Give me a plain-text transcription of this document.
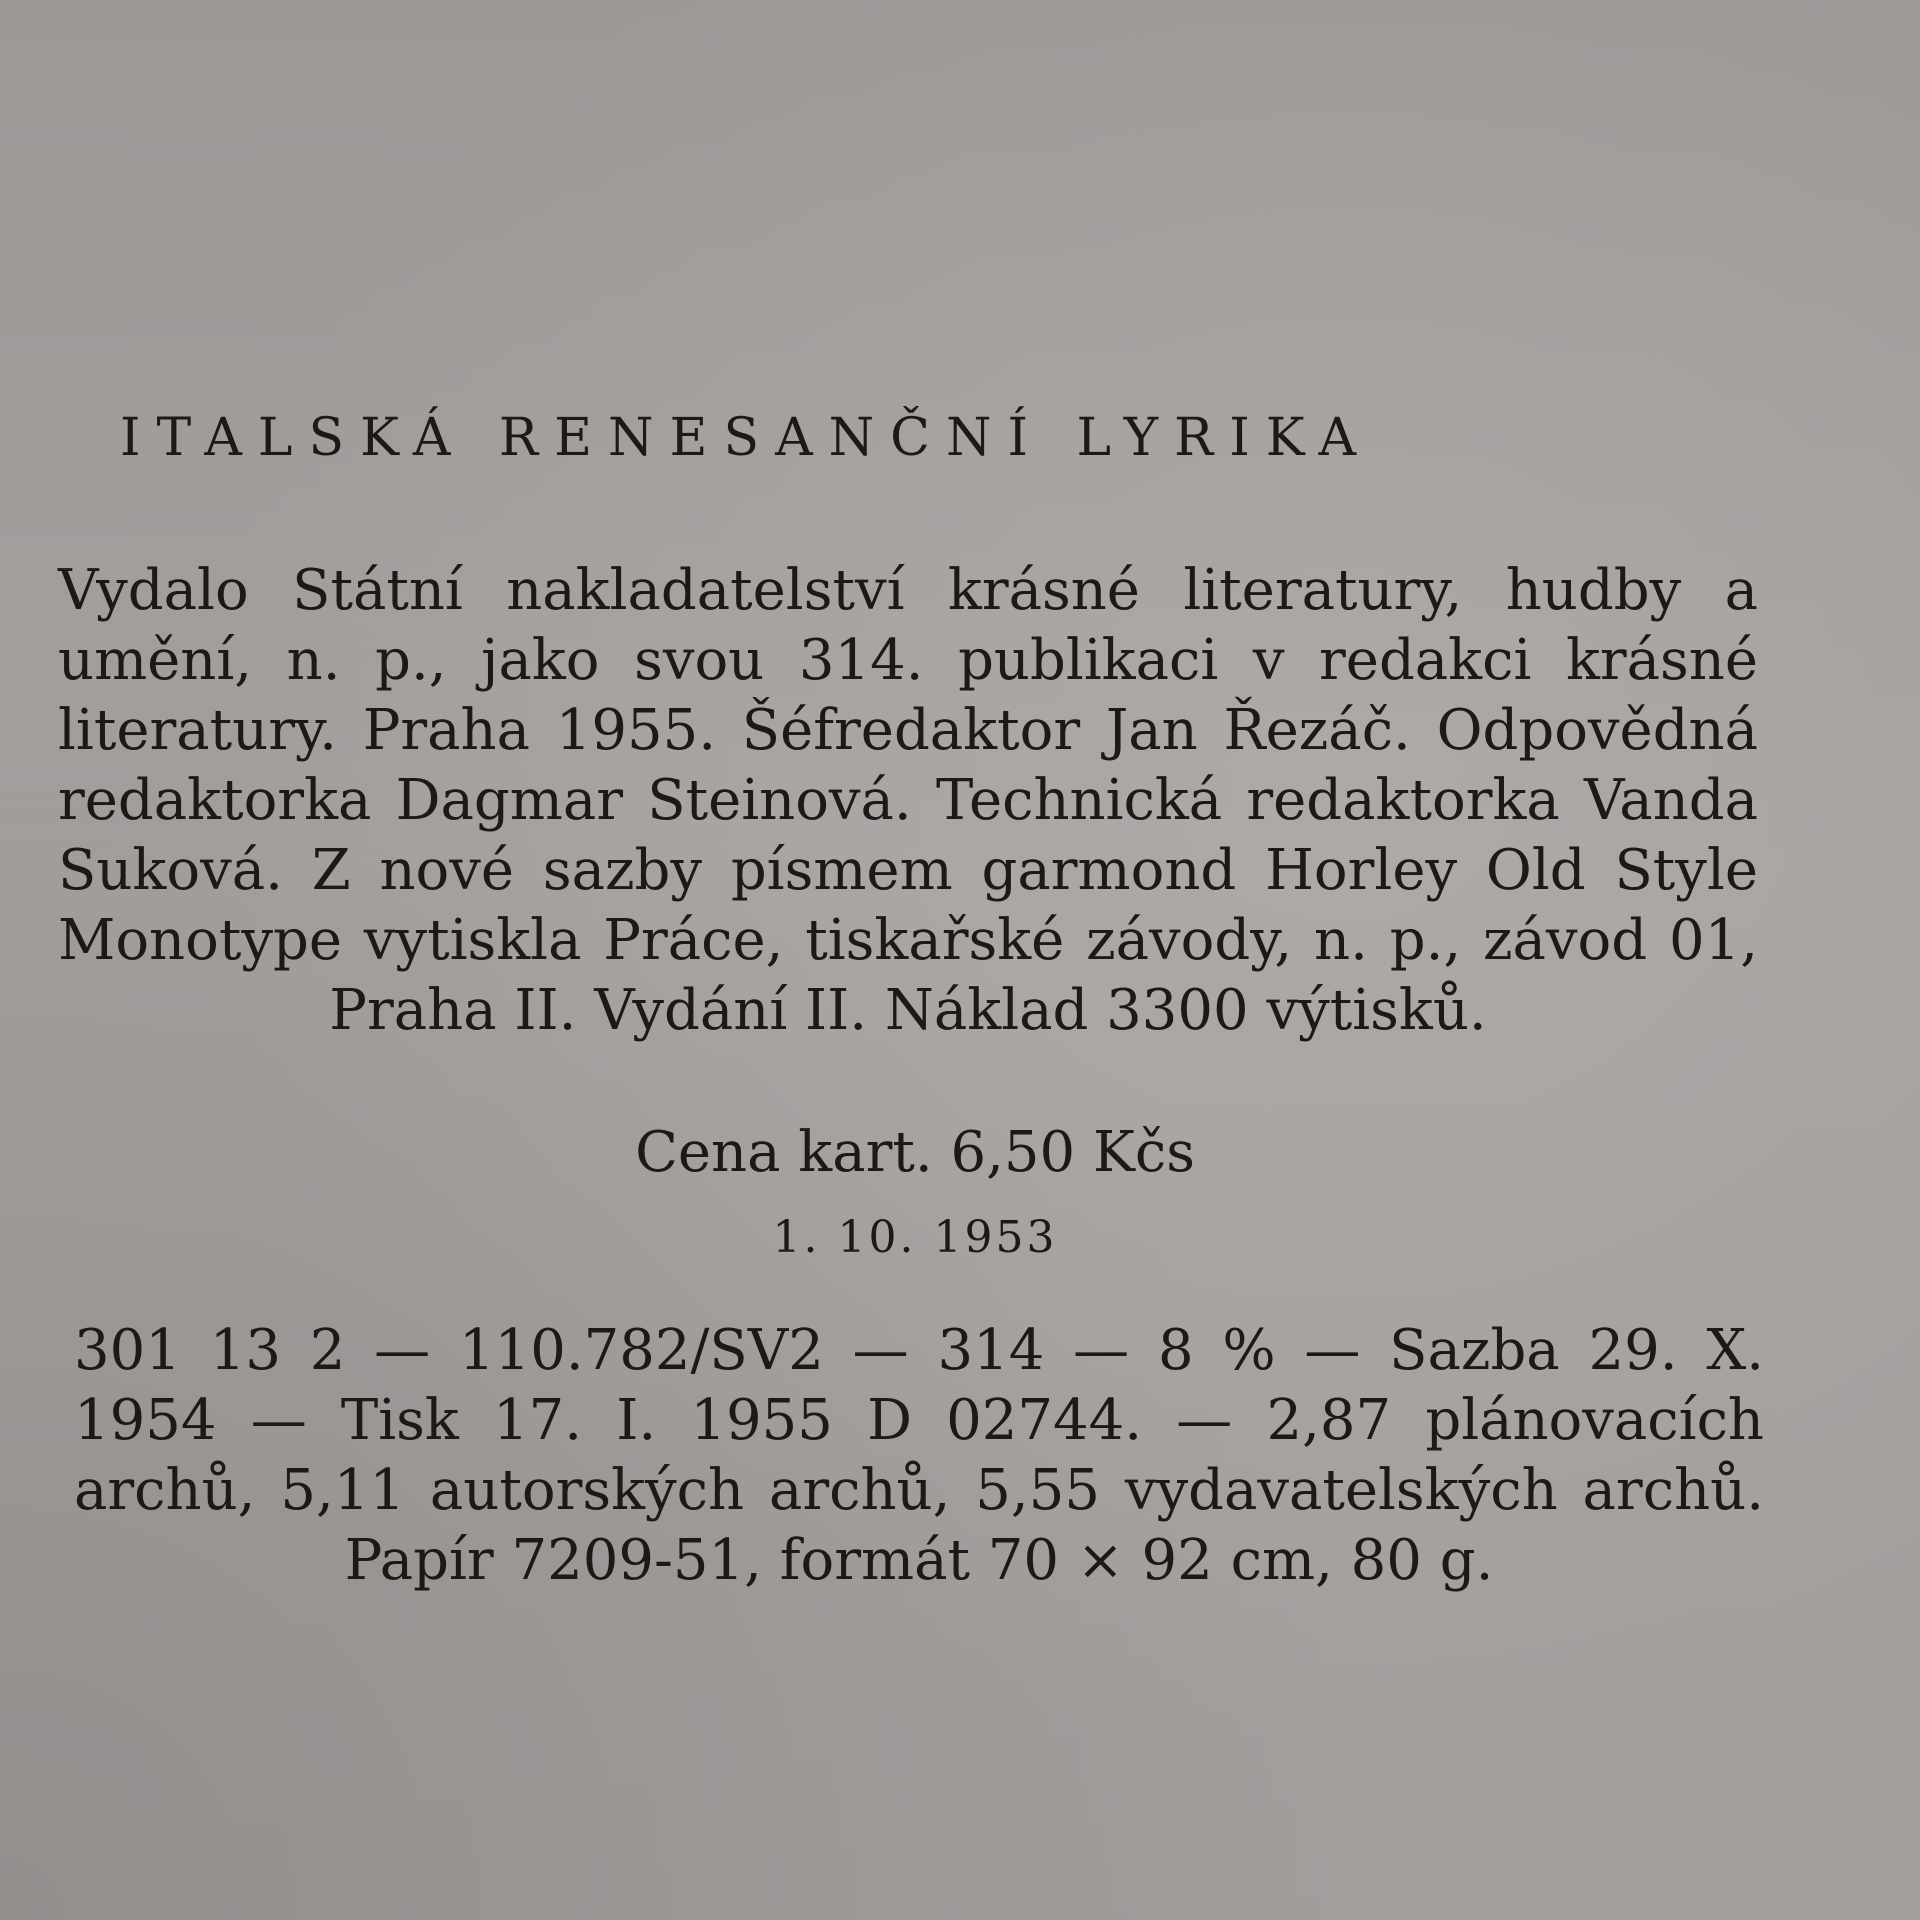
ITALSKÁ RENESANČNÍ LYRIKA
Vydalo Státní nakladatelství krásné literatury, hudby a
umění, n. p., jako svou 314. publikaci v redakci krásné
literatury. Praha 1955. Šéfredaktor Jan Řezáč. Odpovědná
redaktorka Dagmar Steinová. Technická redaktorka Vanda
Suková. Z nové sazby písmem garmond Horley Old Style
Monotype vytiskla Práce, tiskařské závody, n. p., závod 01,
Praha II. Vydání II. Náklad 3300 výtisků.
Cena kart. 6,50 Kčs
1. 10. 1953
301 13 2 — 110.782/SV2 — 314 — 8 % — Sazba 29. X.
1954 — Tisk 17. I. 1955 D 02744. — 2,87 plánovacích
archů, 5,11 autorských archů, 5,55 vydavatelských archů.
Papír 7209-51, formát 70 × 92 cm, 80 g.
